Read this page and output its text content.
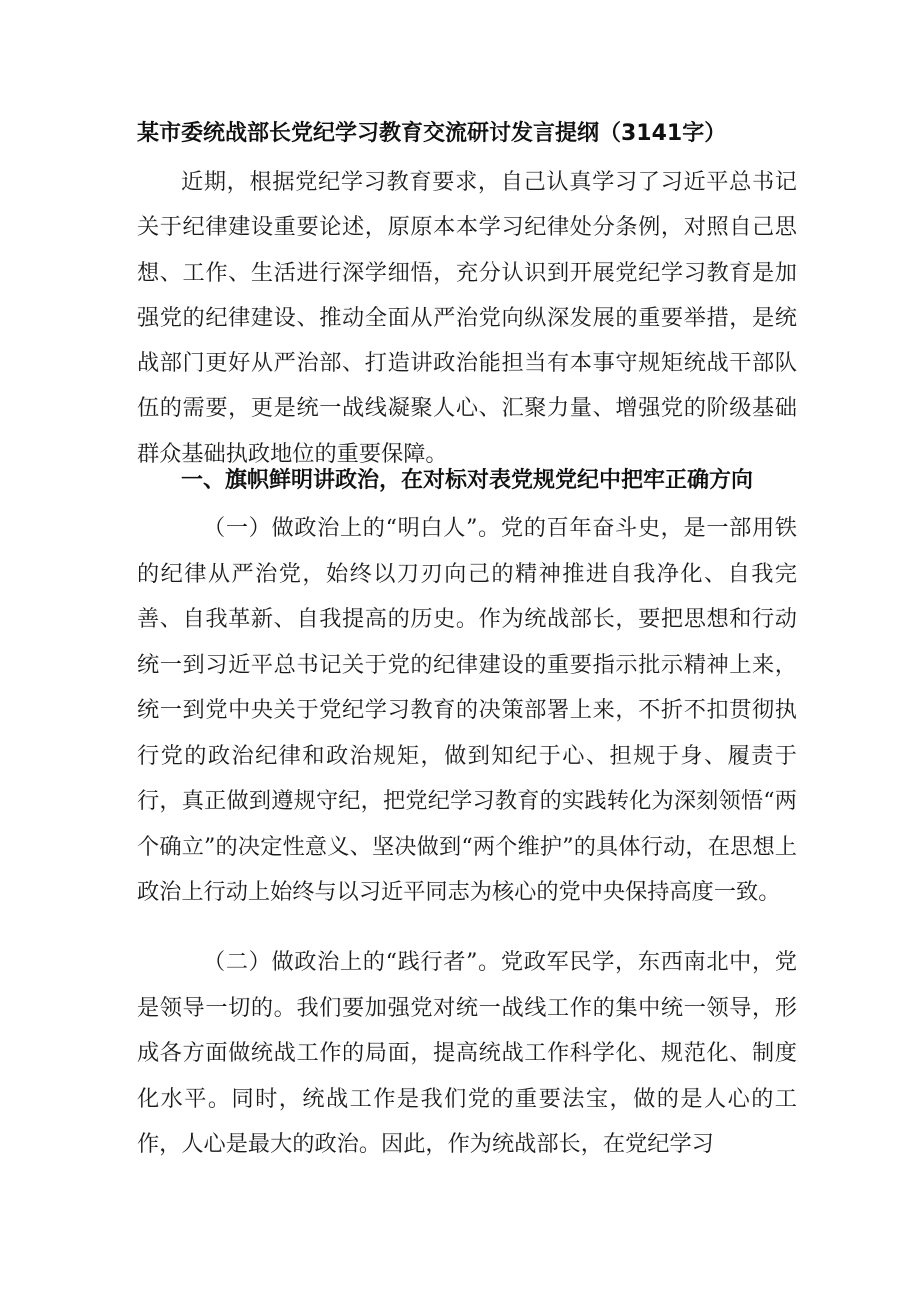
某市委统战部长党纪学习教育交流研讨发言提纲（3141字）
近期，根据党纪学习教育要求，自己认真学习了习近平总书记关于纪律建设重要论述，原原本本学习纪律处分条例，对照自己思想、工作、生活进行深学细悟，充分认识到开展党纪学习教育是加强党的纪律建设、推动全面从严治党向纵深发展的重要举措，是统战部门更好从严治部、打造讲政治能担当有本事守规矩统战干部队伍的需要，更是统一战线凝聚人心、汇聚力量、增强党的阶级基础群众基础执政地位的重要保障。
一、旗帜鲜明讲政治，在对标对表党规党纪中把牢正确方向
（一）做政治上的“明白人”。党的百年奋斗史，是一部用铁的纪律从严治党，始终以刀刃向己的精神推进自我净化、自我完善、自我革新、自我提高的历史。作为统战部长，要把思想和行动统一到习近平总书记关于党的纪律建设的重要指示批示精神上来，统一到党中央关于党纪学习教育的决策部署上来，不折不扣贯彻执行党的政治纪律和政治规矩，做到知纪于心、担规于身、履责于行，真正做到遵规守纪，把党纪学习教育的实践转化为深刻领悟“两个确立”的决定性意义、坚决做到“两个维护”的具体行动，在思想上政治上行动上始终与以习近平同志为核心的党中央保持高度一致。
（二）做政治上的“践行者”。党政军民学，东西南北中，党是领导一切的。我们要加强党对统一战线工作的集中统一领导，形成各方面做统战工作的局面，提高统战工作科学化、规范化、制度化水平。同时，统战工作是我们党的重要法宝，做的是人心的工作，人心是最大的政治。因此，作为统战部长，在党纪学习
